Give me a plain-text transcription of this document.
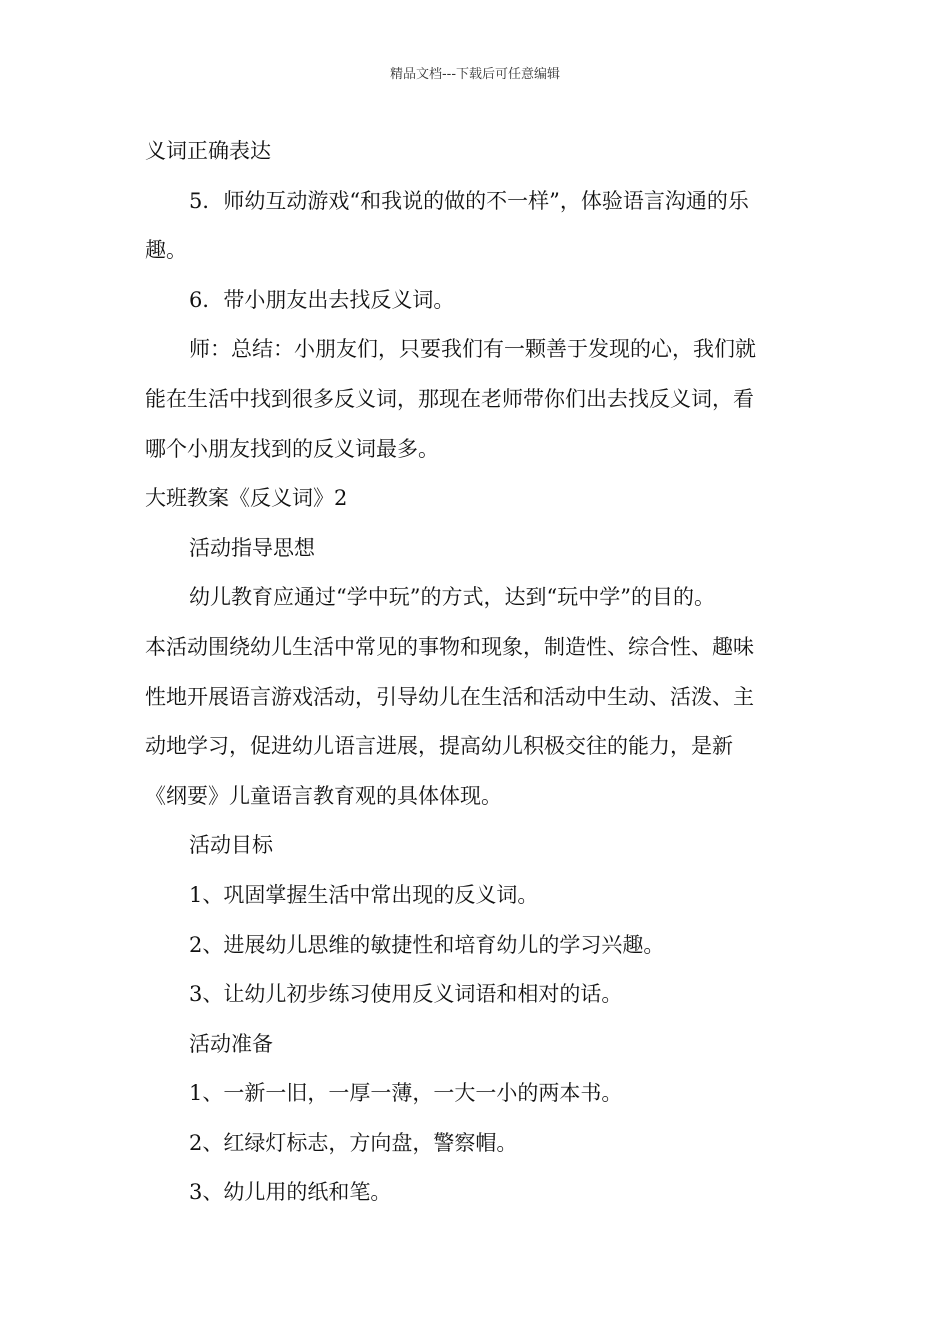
精品文档---下载后可任意编辑

义词正确表达

5．师幼互动游戏“和我说的做的不一样”，体验语言沟通的乐

趣。

6．带小朋友出去找反义词。

师：总结：小朋友们，只要我们有一颗善于发现的心，我们就

能在生活中找到很多反义词，那现在老师带你们出去找反义词，看

哪个小朋友找到的反义词最多。

大班教案《反义词》2

活动指导思想

幼儿教育应通过“学中玩”的方式，达到“玩中学”的目的。

本活动围绕幼儿生活中常见的事物和现象，制造性、综合性、趣味

性地开展语言游戏活动，引导幼儿在生活和活动中生动、活泼、主

动地学习，促进幼儿语言进展，提高幼儿积极交往的能力，是新

《纲要》儿童语言教育观的具体体现。

活动目标

1、巩固掌握生活中常出现的反义词。

2、进展幼儿思维的敏捷性和培育幼儿的学习兴趣。

3、让幼儿初步练习使用反义词语和相对的话。

活动准备

1、一新一旧，一厚一薄，一大一小的两本书。

2、红绿灯标志，方向盘，警察帽。

3、幼儿用的纸和笔。
